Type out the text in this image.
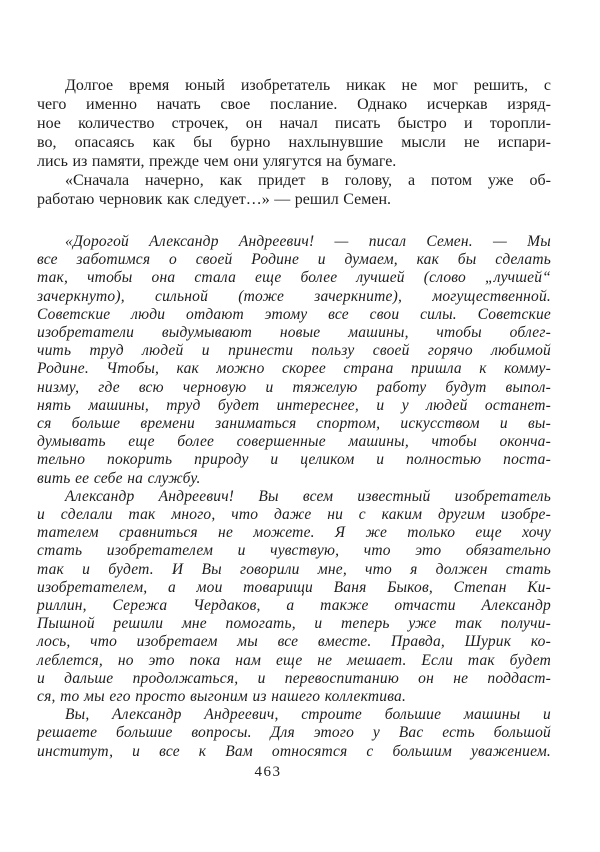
Долгое время юный изобретатель никак не мог решить, с
чего именно начать свое послание. Однако исчеркав изряд-
ное количество строчек, он начал писать быстро и торопли-
во, опасаясь как бы бурно нахлынувшие мысли не испари-
лись из памяти, прежде чем они улягутся на бумаге.
«Сначала начерно, как придет в голову, а потом уже об-
работаю черновик как следует…» — решил Семен.
«Дорогой Александр Андреевич! — писал Семен. — Мы
все заботимся о своей Родине и думаем, как бы сделать
так, чтобы она стала еще более лучшей (слово „лучшей“
зачеркнуто), сильной (тоже зачеркните), могущественной.
Советские люди отдают этому все свои силы. Советские
изобретатели выдумывают новые машины, чтобы облег-
чить труд людей и принести пользу своей горячо любимой
Родине. Чтобы, как можно скорее страна пришла к комму-
низму, где всю черновую и тяжелую работу будут выпол-
нять машины, труд будет интереснее, и у людей останет-
ся больше времени заниматься спортом, искусством и вы-
думывать еще более совершенные машины, чтобы оконча-
тельно покорить природу и целиком и полностью поста-
вить ее себе на службу.
Александр Андреевич! Вы всем известный изобретатель
и сделали так много, что даже ни с каким другим изобре-
тателем сравниться не можете. Я же только еще хочу
стать изобретателем и чувствую, что это обязательно
так и будет. И Вы говорили мне, что я должен стать
изобретателем, а мои товарищи Ваня Быков, Степан Ки-
риллин, Сережа Чердаков, а также отчасти Александр
Пышной решили мне помогать, и теперь уже так получи-
лось, что изобретаем мы все вместе. Правда, Шурик ко-
леблется, но это пока нам еще не мешает. Если так будет
и дальше продолжаться, и перевоспитанию он не поддаст-
ся, то мы его просто выгоним из нашего коллектива.
Вы, Александр Андреевич, строите большие машины и
решаете большие вопросы. Для этого у Вас есть большой
институт, и все к Вам относятся с большим уважением.
463
